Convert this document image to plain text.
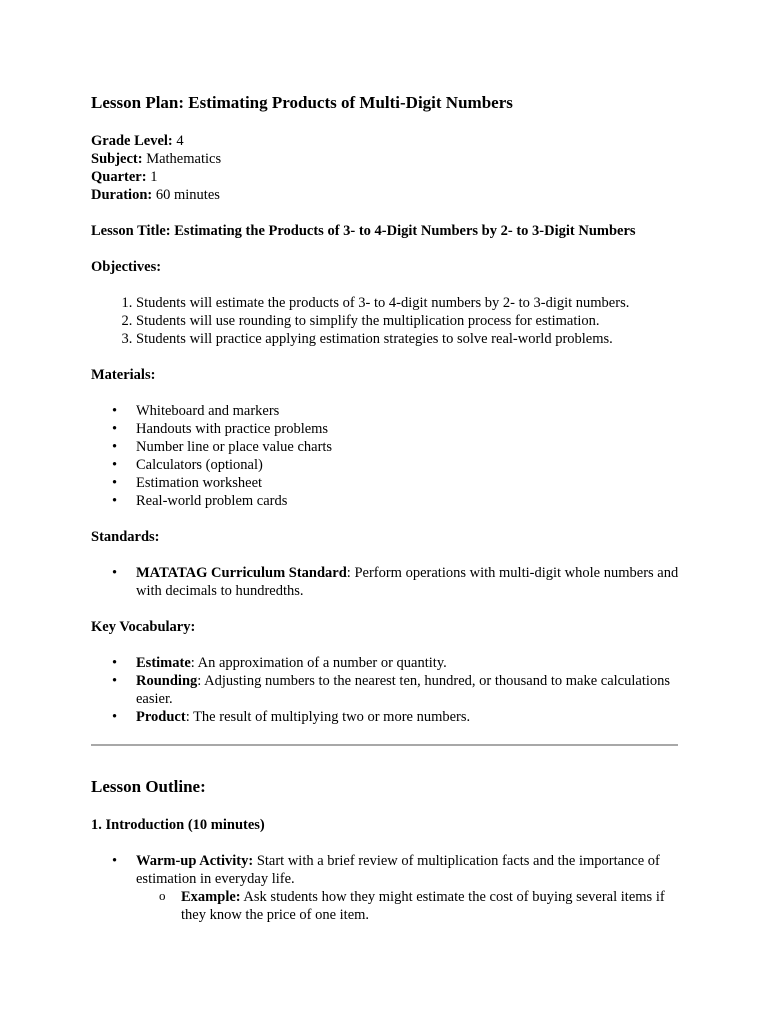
Lesson Plan: Estimating Products of Multi-Digit Numbers
Grade Level: 4
Subject: Mathematics
Quarter: 1
Duration: 60 minutes

Lesson Title: Estimating the Products of 3- to 4-Digit Numbers by 2- to 3-Digit Numbers

Objectives:

1. Students will estimate the products of 3- to 4-digit numbers by 2- to 3-digit numbers.
2. Students will use rounding to simplify the multiplication process for estimation.
3. Students will practice applying estimation strategies to solve real-world problems.

Materials:

• Whiteboard and markers
• Handouts with practice problems
• Number line or place value charts
• Calculators (optional)
• Estimation worksheet
• Real-world problem cards

Standards:

• MATATAG Curriculum Standard: Perform operations with multi-digit whole numbers and with decimals to hundredths.

Key Vocabulary:

• Estimate: An approximation of a number or quantity.
• Rounding: Adjusting numbers to the nearest ten, hundred, or thousand to make calculations easier.
• Product: The result of multiplying two or more numbers.
Lesson Outline:

1. Introduction (10 minutes)

• Warm-up Activity: Start with a brief review of multiplication facts and the importance of estimation in everyday life.
o Example: Ask students how they might estimate the cost of buying several items if they know the price of one item.
